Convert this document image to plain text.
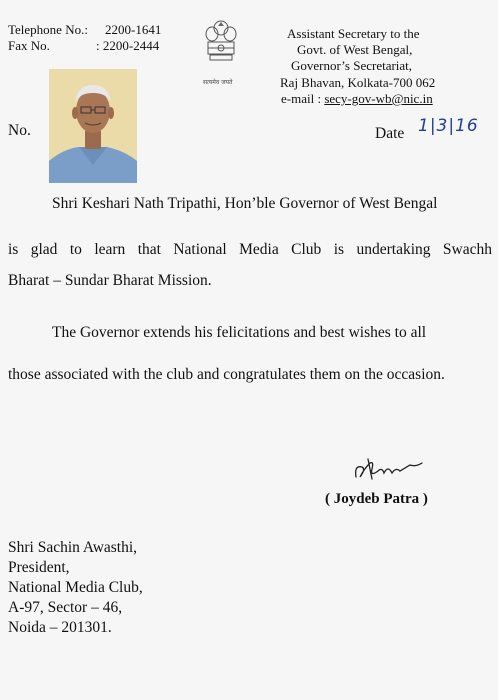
Telephone No.: 2200-1641
Fax No.	: 2200-2444
सत्यमेव जयते
Assistant Secretary to the
Govt. of West Bengal,
Governor’s Secretariat,
Raj Bhavan, Kolkata-700 062
e-mail : secy-gov-wb@nic.in
No.	Date 1|3|16
Shri Keshari Nath Tripathi, Hon’ble Governor of West Bengal
is glad to learn that National Media Club is undertaking Swachh
Bharat – Sundar Bharat Mission.
The Governor extends his felicitations and best wishes to all
those associated with the club and congratulates them on the occasion.
( Joydeb Patra )
Shri Sachin Awasthi,
President,
National Media Club,
A-97, Sector – 46,
Noida – 201301.
